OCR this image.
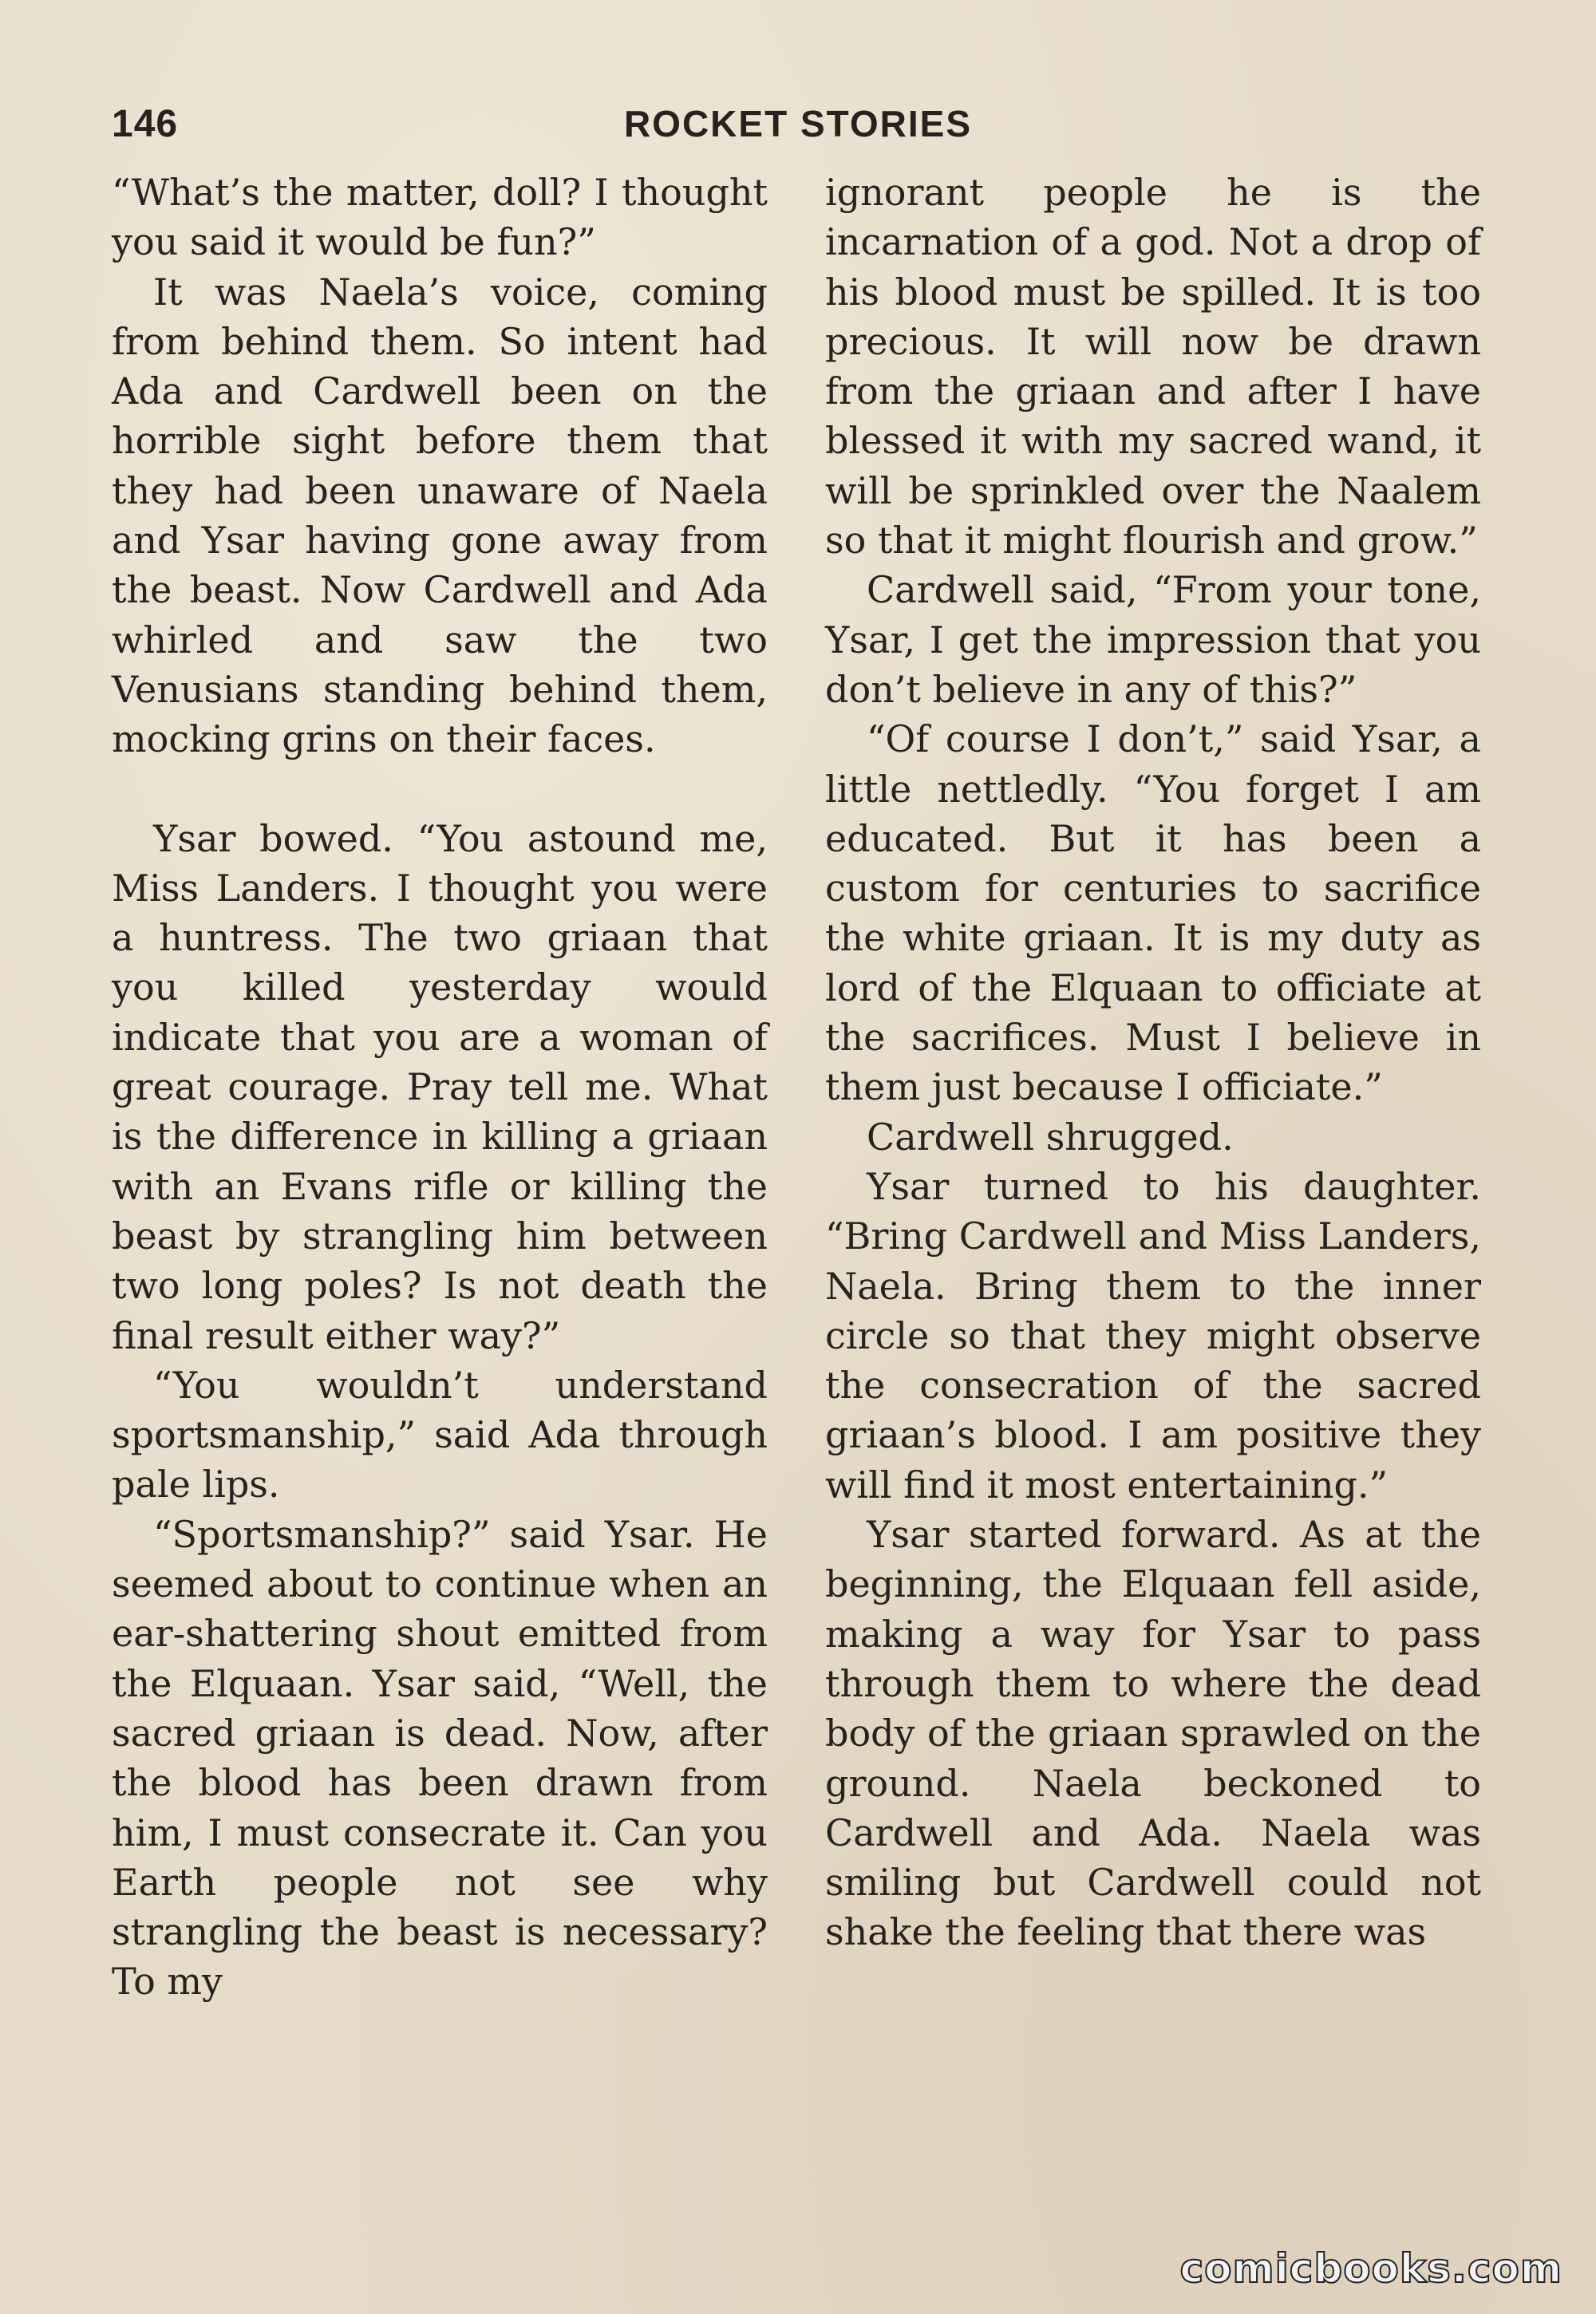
146	ROCKET STORIES

“What’s the matter, doll? I thought you said it would be fun?”

It was Naela’s voice, coming from behind them. So intent had Ada and Cardwell been on the horrible sight before them that they had been unaware of Naela and Ysar having gone away from the beast. Now Cardwell and Ada whirled and saw the two Venusians standing behind them, mocking grins on their faces.

Ysar bowed. “You astound me, Miss Landers. I thought you were a huntress. The two griaan that you killed yesterday would indicate that you are a woman of great courage. Pray tell me. What is the difference in killing a griaan with an Evans rifle or killing the beast by strangling him between two long poles? Is not death the final result either way?”

“You wouldn’t understand sportsmanship,” said Ada through pale lips.

“Sportsmanship?” said Ysar. He seemed about to continue when an ear-shattering shout emitted from the Elquaan. Ysar said, “Well, the sacred griaan is dead. Now, after the blood has been drawn from him, I must consecrate it. Can you Earth people not see why strangling the beast is necessary? To my

ignorant people he is the incarnation of a god. Not a drop of his blood must be spilled. It is too precious. It will now be drawn from the griaan and after I have blessed it with my sacred wand, it will be sprinkled over the Naalem so that it might flourish and grow.”

Cardwell said, “From your tone, Ysar, I get the impression that you don’t believe in any of this?”

“Of course I don’t,” said Ysar, a little nettledly. “You forget I am educated. But it has been a custom for centuries to sacrifice the white griaan. It is my duty as lord of the Elquaan to officiate at the sacrifices. Must I believe in them just because I officiate.”

Cardwell shrugged.

Ysar turned to his daughter. “Bring Cardwell and Miss Landers, Naela. Bring them to the inner circle so that they might observe the consecration of the sacred griaan’s blood. I am positive they will find it most entertaining.”

Ysar started forward. As at the beginning, the Elquaan fell aside, making a way for Ysar to pass through them to where the dead body of the griaan sprawled on the ground. Naela beckoned to Cardwell and Ada. Naela was smiling but Cardwell could not shake the feeling that there was

comicbooks.com
